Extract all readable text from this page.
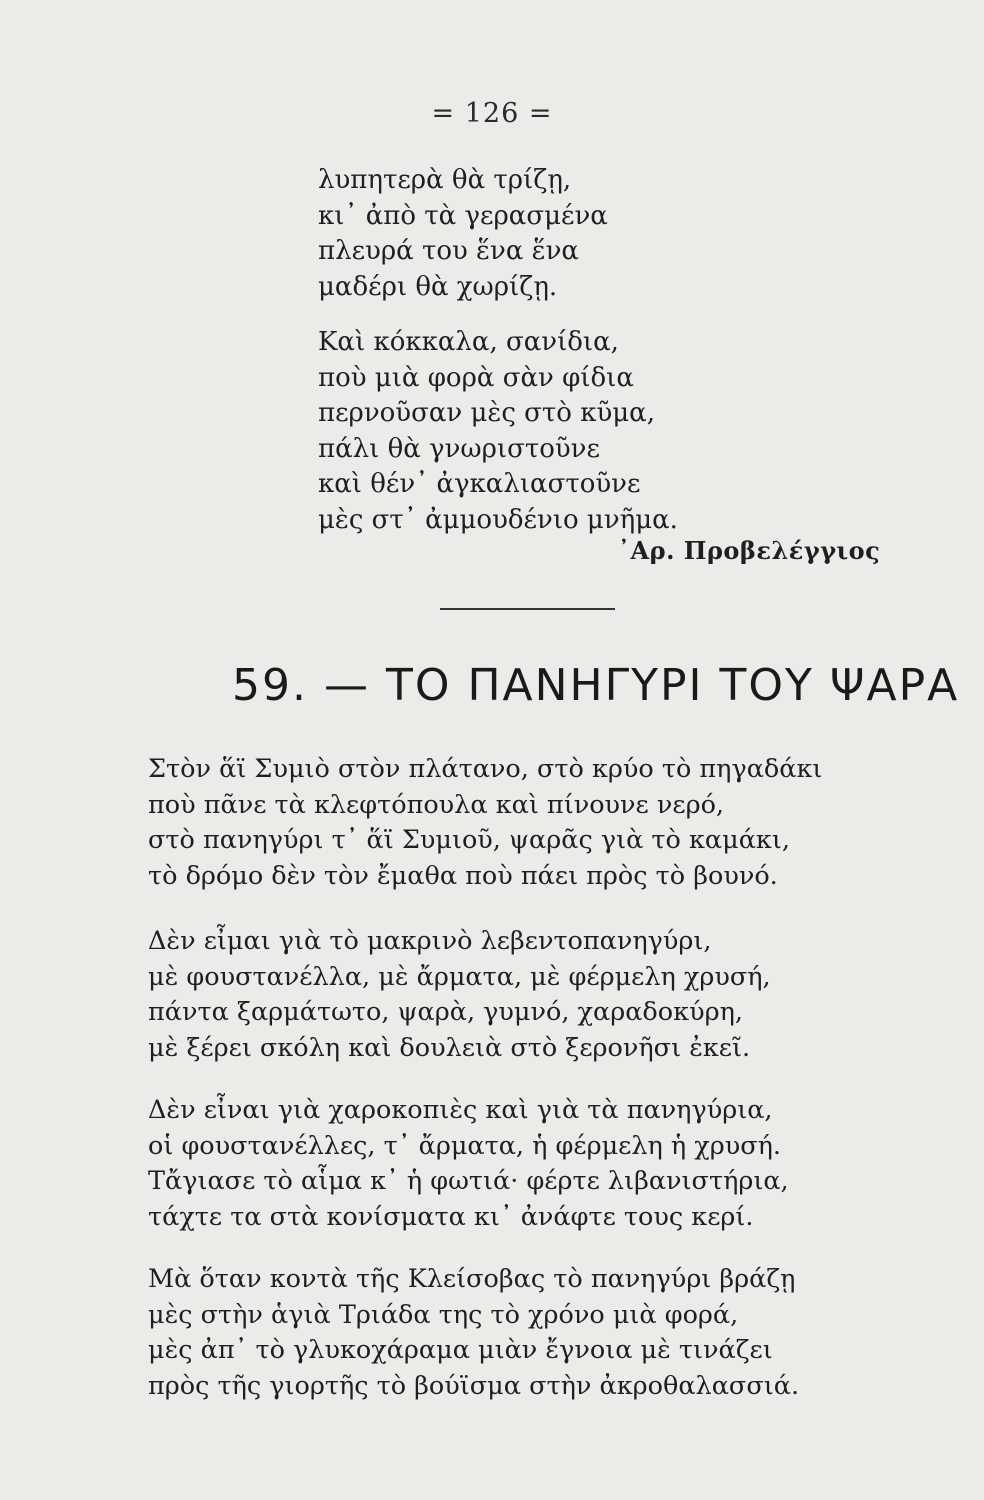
= 126 =
λυπητερὰ θὰ τρίζῃ,
κι᾿ ἀπὸ τὰ γερασμένα
πλευρά του ἕνα ἕνα
μαδέρι θὰ χωρίζῃ.
Καὶ κόκκαλα, σανίδια,
ποὺ μιὰ φορὰ σὰν φίδια
περνοῦσαν μὲς στὸ κῦμα,
πάλι θὰ γνωριστοῦνε
καὶ θέν᾿ ἀγκαλιαστοῦνε
μὲς στ᾿ ἀμμουδένιο μνῆμα.
᾿Αρ. Προβελέγγιος
59. — ΤΟ ΠΑΝΗΓΥΡΙ ΤΟΥ ΨΑΡΑ
Στὸν ἅϊ Συμιὸ στὸν πλάτανο, στὸ κρύο τὸ πηγαδάκι
ποὺ πᾶνε τὰ κλεφτόπουλα καὶ πίνουνε νερό,
στὸ πανηγύρι τ᾿ ἅϊ Συμιοῦ, ψαρᾶς γιὰ τὸ καμάκι,
τὸ δρόμο δὲν τὸν ἔμαθα ποὺ πάει πρὸς τὸ βουνό.
Δὲν εἶμαι γιὰ τὸ μακρινὸ λεβεντοπανηγύρι,
μὲ φουστανέλλα, μὲ ἄρματα, μὲ φέρμελη χρυσή,
πάντα ξαρμάτωτο, ψαρὰ, γυμνό, χαραδοκύρη,
μὲ ξέρει σκόλη καὶ δουλειὰ στὸ ξερονῆσι ἐκεῖ.
Δὲν εἶναι γιὰ χαροκοπιὲς καὶ γιὰ τὰ πανηγύρια,
οἱ φουστανέλλες, τ᾿ ἄρματα, ἡ φέρμελη ἡ χρυσή.
Τἄγιασε τὸ αἷμα κ᾿ ἡ φωτιά· φέρτε λιβανιστήρια,
τάχτε τα στὰ κονίσματα κι᾿ ἀνάφτε τους κερί.
Μὰ ὅταν κοντὰ τῆς Κλείσοβας τὸ πανηγύρι βράζῃ
μὲς στὴν ἁγιὰ Τριάδα της τὸ χρόνο μιὰ φορά,
μὲς ἀπ᾿ τὸ γλυκοχάραμα μιὰν ἔγνοια μὲ τινάζει
πρὸς τῆς γιορτῆς τὸ βούϊσμα στὴν ἀκροθαλασσιά.
